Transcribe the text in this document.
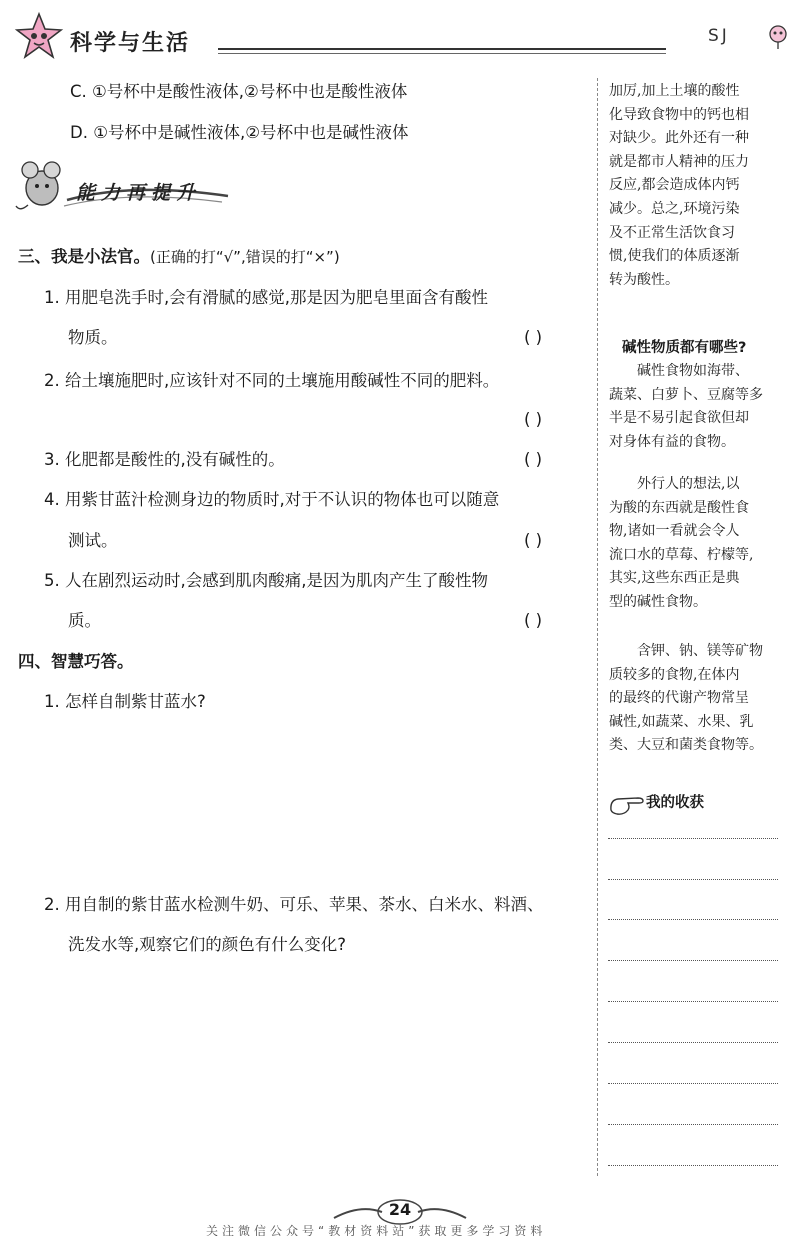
科学与生活	SJ
C. ①号杯中是酸性液体,②号杯中也是酸性液体
D. ①号杯中是碱性液体,②号杯中也是碱性液体
能力再提升
三、我是小法官。(正确的打“√”,错误的打“×”)
1. 用肥皂洗手时,会有滑腻的感觉,那是因为肥皂里面含有酸性
物质。	( )
2. 给土壤施肥时,应该针对不同的土壤施用酸碱性不同的肥料。
( )
3. 化肥都是酸性的,没有碱性的。	( )
4. 用紫甘蓝汁检测身边的物质时,对于不认识的物体也可以随意
测试。	( )
5. 人在剧烈运动时,会感到肌肉酸痛,是因为肌肉产生了酸性物
质。	( )
四、智慧巧答。
1. 怎样自制紫甘蓝水?
2. 用自制的紫甘蓝水检测牛奶、可乐、苹果、茶水、白米水、料酒、
洗发水等,观察它们的颜色有什么变化?
加厉,加上土壤的酸性
化导致食物中的钙也相
对缺少。此外还有一种
就是都市人精神的压力
反应,都会造成体内钙
减少。总之,环境污染
及不正常生活饮食习
惯,使我们的体质逐渐
转为酸性。
碱性物质都有哪些?
碱性食物如海带、
蔬菜、白萝卜、豆腐等多
半是不易引起食欲但却
对身体有益的食物。
外行人的想法,以
为酸的东西就是酸性食
物,诸如一看就会令人
流口水的草莓、柠檬等,
其实,这些东西正是典
型的碱性食物。
含钾、钠、镁等矿物
质较多的食物,在体内
的最终的代谢产物常呈
碱性,如蔬菜、水果、乳
类、大豆和菌类食物等。
我的收获
24
关注微信公众号“教材资料站”获取更多学习资料
